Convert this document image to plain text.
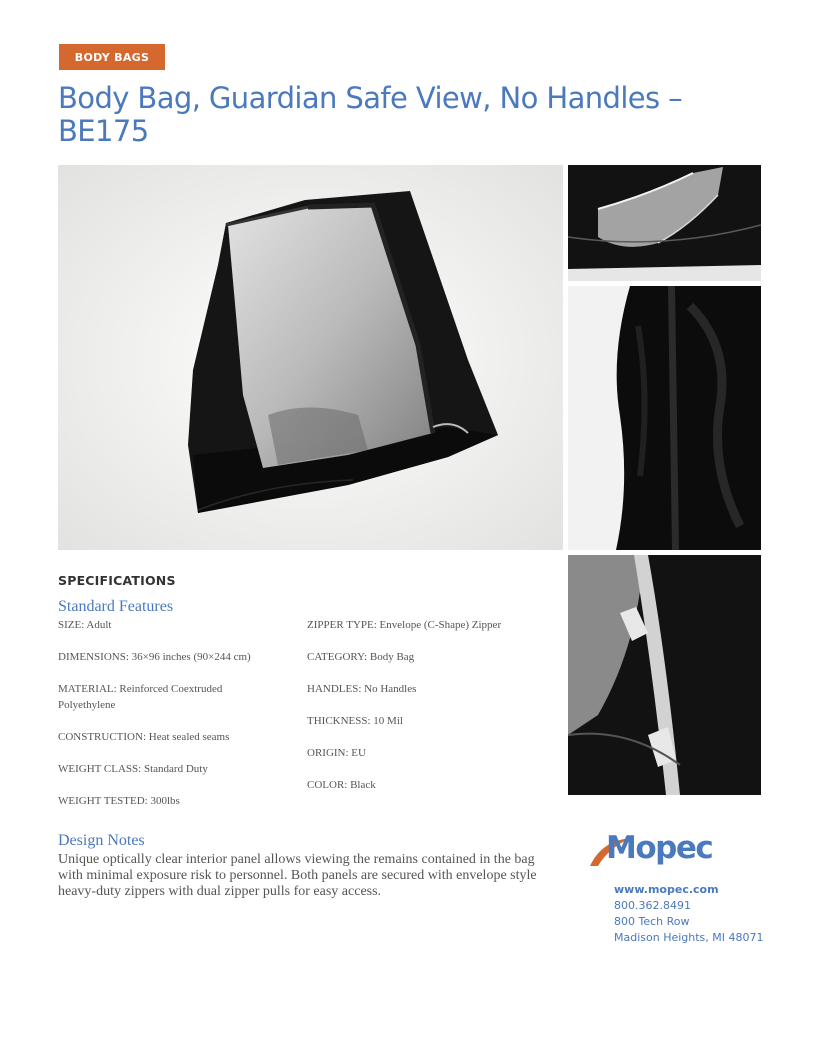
BODY BAGS
Body Bag, Guardian Safe View, No Handles –
BE175
SPECIFICATIONS
Standard Features
SIZE: Adult
DIMENSIONS: 36×96 inches (90×244 cm)
MATERIAL: Reinforced Coextruded Polyethylene
CONSTRUCTION: Heat sealed seams
WEIGHT CLASS: Standard Duty
WEIGHT TESTED: 300lbs
ZIPPER TYPE: Envelope (C-Shape) Zipper
CATEGORY: Body Bag
HANDLES: No Handles
THICKNESS: 10 Mil
ORIGIN: EU
COLOR: Black
Design Notes
Unique optically clear interior panel allows viewing the remains contained in the bag with minimal exposure risk to personnel. Both panels are secured with envelope style heavy-duty zippers with dual zipper pulls for easy access.
Mopec
www.mopec.com
800.362.8491
800 Tech Row
Madison Heights, MI 48071
